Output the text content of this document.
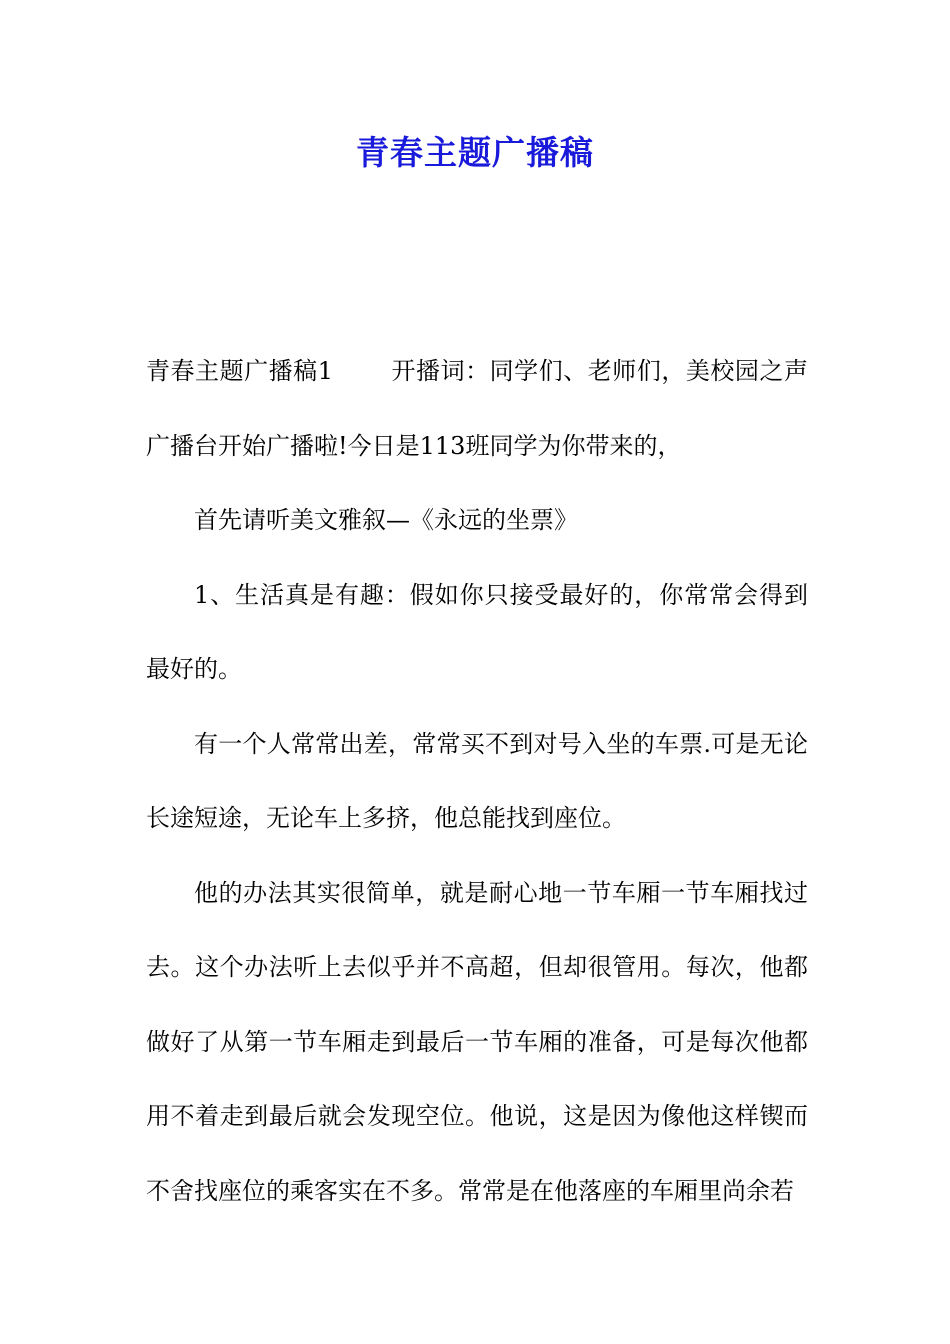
青春主题广播稿

青春主题广播稿1 开播词：同学们、老师们，美校园之声广播台开始广播啦!今日是113班同学为你带来的，

首先请听美文雅叙—《永远的坐票》

1、生活真是有趣：假如你只接受最好的，你常常会得到最好的。

有一个人常常出差，常常买不到对号入坐的车票.可是无论长途短途，无论车上多挤，他总能找到座位。

他的办法其实很简单，就是耐心地一节车厢一节车厢找过去。这个办法听上去似乎并不高超，但却很管用。每次，他都做好了从第一节车厢走到最后一节车厢的准备，可是每次他都用不着走到最后就会发现空位。他说，这是因为像他这样锲而不舍找座位的乘客实在不多。常常是在他落座的车厢里尚余若
